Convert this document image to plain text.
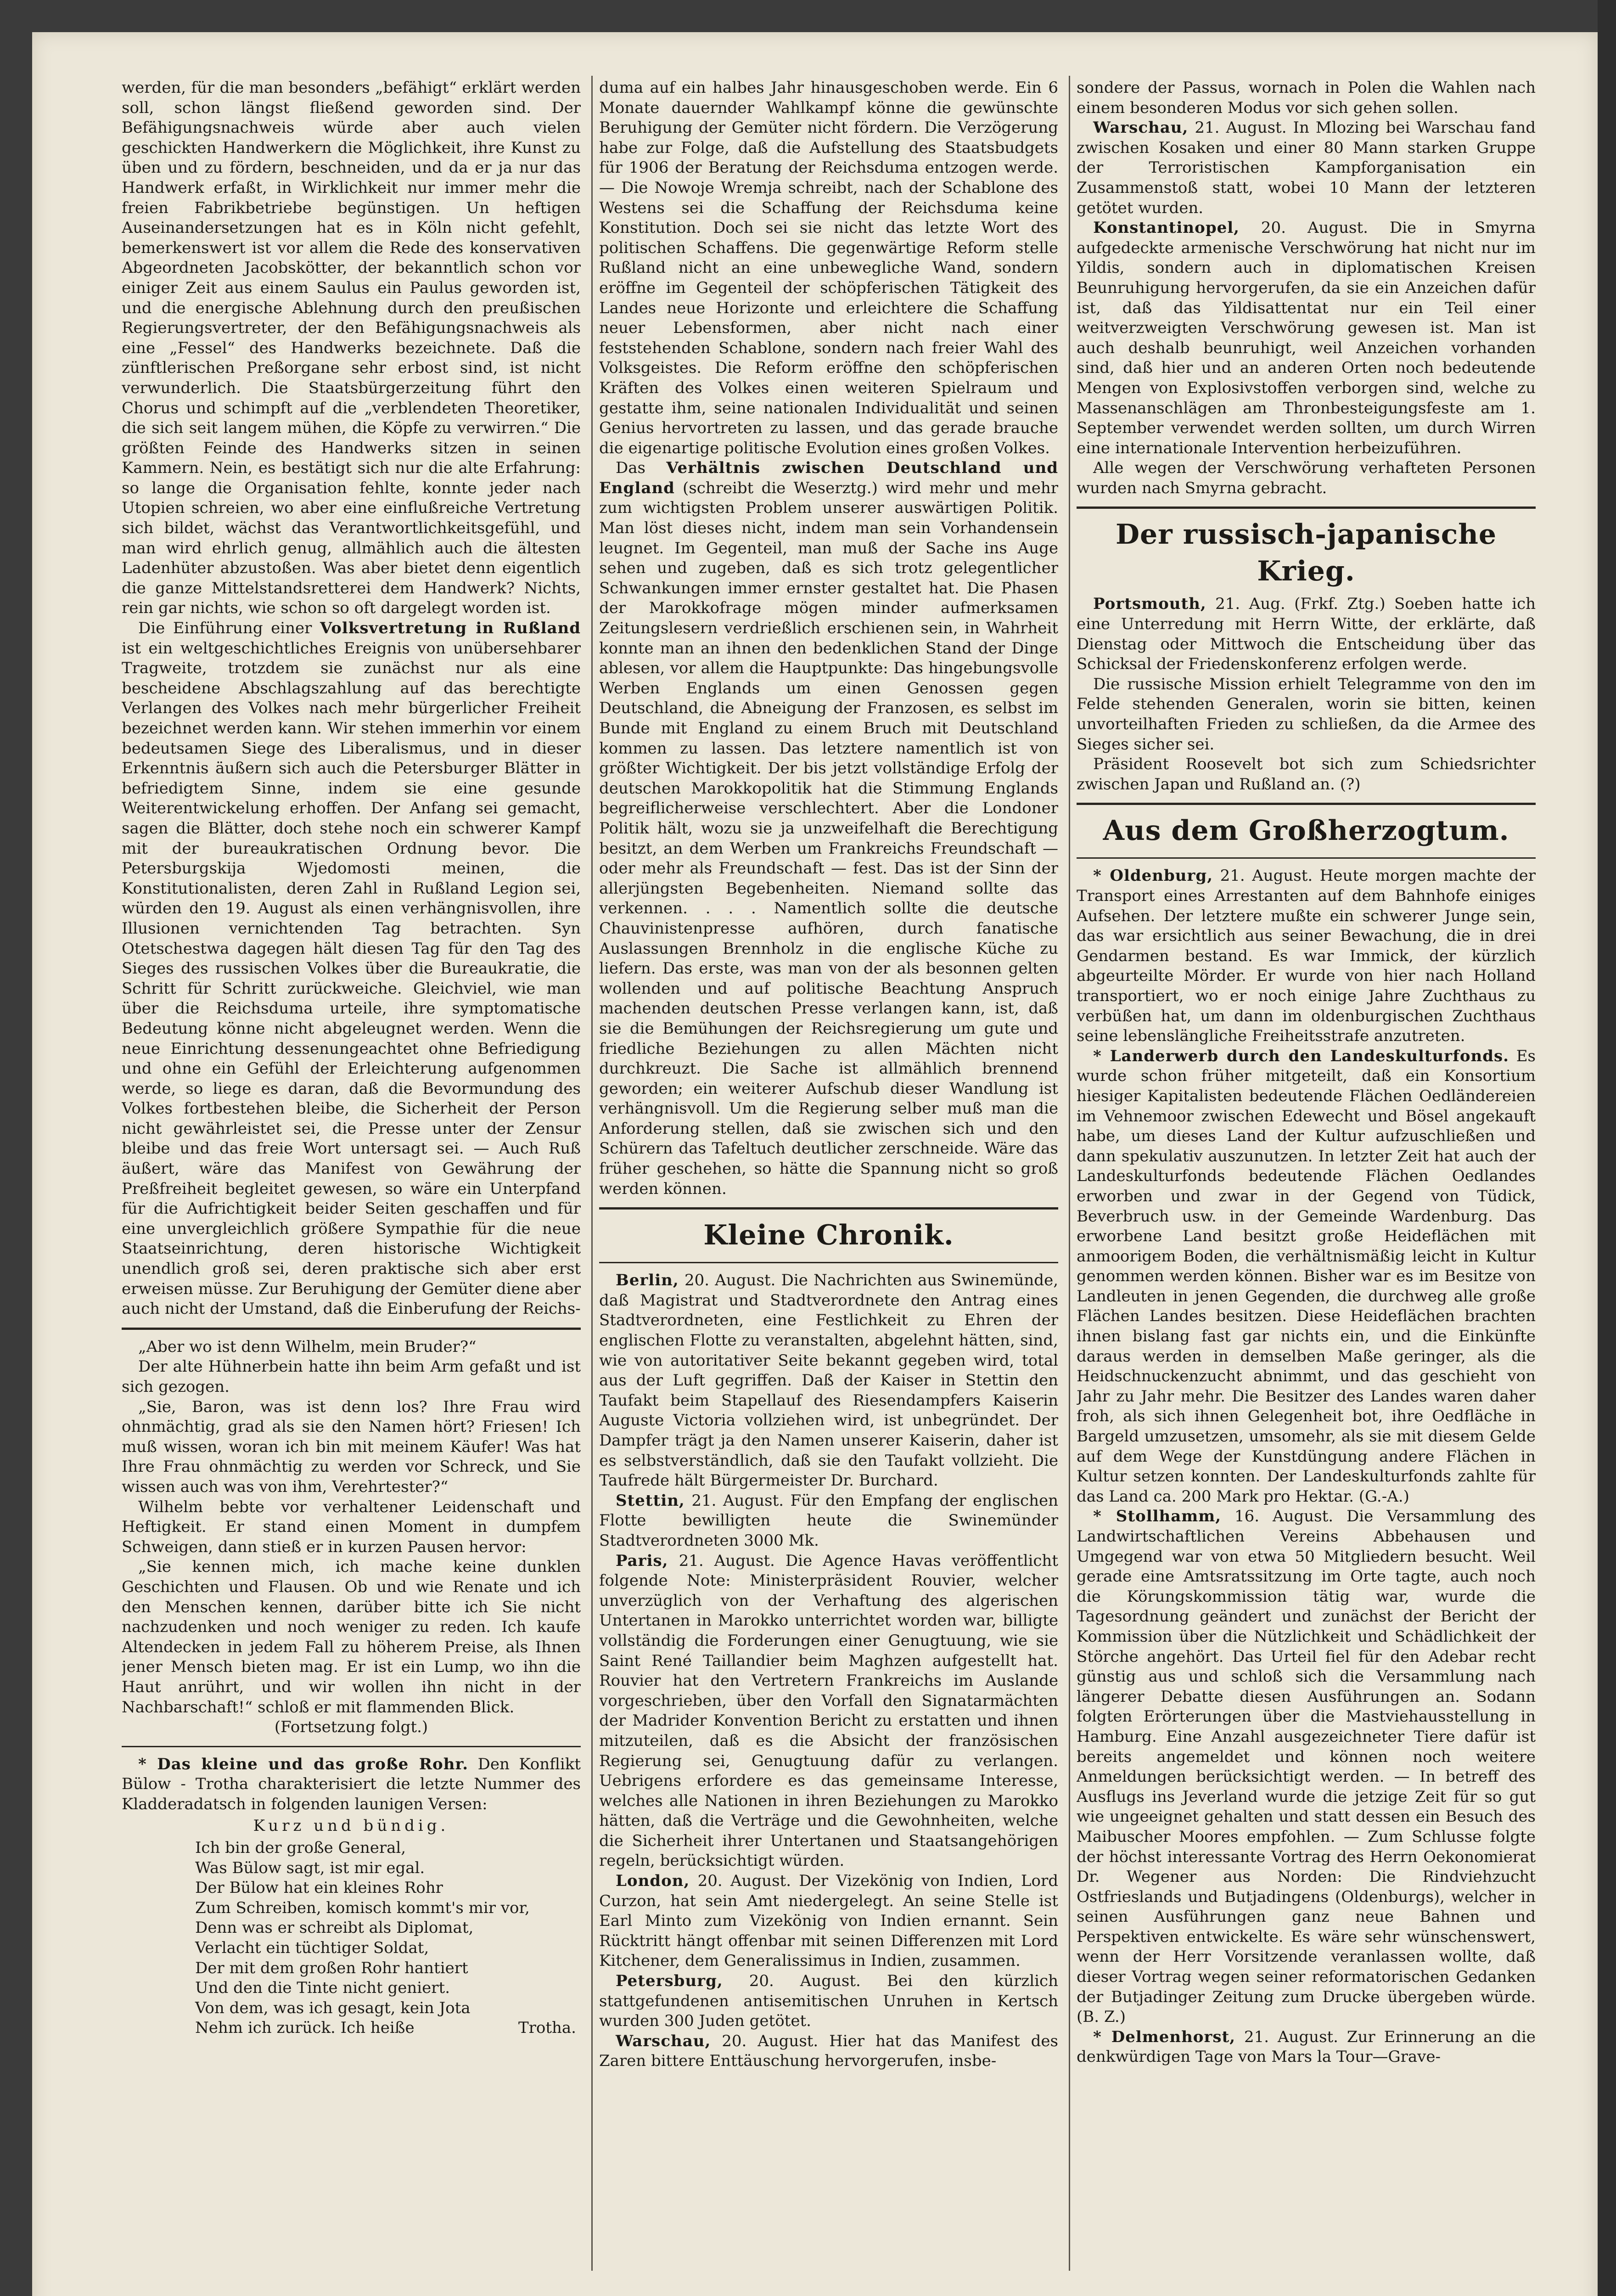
werden, für die man besonders „befähigt“ erklärt werden soll, schon längst fließend geworden sind. Der Befähigungsnachweis würde aber auch vielen geschickten Handwerkern die Möglichkeit, ihre Kunst zu üben und zu fördern, beschneiden, und da er ja nur das Handwerk erfaßt, in Wirklichkeit nur immer mehr die freien Fabrikbetriebe begünstigen. Un heftigen Auseinandersetzungen hat es in Köln nicht gefehlt, bemerkenswert ist vor allem die Rede des konservativen Abgeordneten Jacobskötter, der bekanntlich schon vor einiger Zeit aus einem Saulus ein Paulus geworden ist, und die energische Ablehnung durch den preußischen Regierungsvertreter, der den Befähigungsnachweis als eine „Fessel“ des Handwerks bezeichnete. Daß die zünftlerischen Preßorgane sehr erbost sind, ist nicht verwunderlich. Die Staatsbürgerzeitung führt den Chorus und schimpft auf die „verblendeten Theoretiker, die sich seit langem mühen, die Köpfe zu verwirren.“ Die größten Feinde des Handwerks sitzen in seinen Kammern. Nein, es bestätigt sich nur die alte Erfahrung: so lange die Organisation fehlte, konnte jeder nach Utopien schreien, wo aber eine einflußreiche Vertretung sich bildet, wächst das Verantwortlichkeitsgefühl, und man wird ehrlich genug, allmählich auch die ältesten Ladenhüter abzustoßen. Was aber bietet denn eigentlich die ganze Mittelstandsretterei dem Handwerk? Nichts, rein gar nichts, wie schon so oft dargelegt worden ist.

Die Einführung einer Volksvertretung in Rußland ist ein weltgeschichtliches Ereignis von unübersehbarer Tragweite, trotzdem sie zunächst nur als eine bescheidene Abschlagszahlung auf das berechtigte Verlangen des Volkes nach mehr bürgerlicher Freiheit bezeichnet werden kann. Wir stehen immerhin vor einem bedeutsamen Siege des Liberalismus, und in dieser Erkenntnis äußern sich auch die Petersburger Blätter in befriedigtem Sinne, indem sie eine gesunde Weiterentwickelung erhoffen. Der Anfang sei gemacht, sagen die Blätter, doch stehe noch ein schwerer Kampf mit der bureaukratischen Ordnung bevor. Die Petersburgskija Wjedomosti meinen, die Konstitutionalisten, deren Zahl in Rußland Legion sei, würden den 19. August als einen verhängnisvollen, ihre Illusionen vernichtenden Tag betrachten. Syn Otetschestwa dagegen hält diesen Tag für den Tag des Sieges des russischen Volkes über die Bureaukratie, die Schritt für Schritt zurückweiche. Gleichviel, wie man über die Reichsduma urteile, ihre symptomatische Bedeutung könne nicht abgeleugnet werden. Wenn die neue Einrichtung dessenungeachtet ohne Befriedigung und ohne ein Gefühl der Erleichterung aufgenommen werde, so liege es daran, daß die Bevormundung des Volkes fortbestehen bleibe, die Sicherheit der Person nicht gewährleistet sei, die Presse unter der Zensur bleibe und das freie Wort untersagt sei. — Auch Ruß äußert, wäre das Manifest von Gewährung der Preßfreiheit begleitet gewesen, so wäre ein Unterpfand für die Aufrichtigkeit beider Seiten geschaffen und für eine unvergleichlich größere Sympathie für die neue Staatseinrichtung, deren historische Wichtigkeit unendlich groß sei, deren praktische sich aber erst erweisen müsse. Zur Beruhigung der Gemüter diene aber auch nicht der Umstand, daß die Einberufung der Reichs-

„Aber wo ist denn Wilhelm, mein Bruder?“

Der alte Hühnerbein hatte ihn beim Arm gefaßt und ist sich gezogen.

„Sie, Baron, was ist denn los? Ihre Frau wird ohnmächtig, grad als sie den Namen hört? Friesen! Ich muß wissen, woran ich bin mit meinem Käufer! Was hat Ihre Frau ohnmächtig zu werden vor Schreck, und Sie wissen auch was von ihm, Verehrtester?“

Wilhelm bebte vor verhaltener Leidenschaft und Heftigkeit. Er stand einen Moment in dumpfem Schweigen, dann stieß er in kurzen Pausen hervor:

„Sie kennen mich, ich mache keine dunklen Geschichten und Flausen. Ob und wie Renate und ich den Menschen kennen, darüber bitte ich Sie nicht nachzudenken und noch weniger zu reden. Ich kaufe Altendecken in jedem Fall zu höherem Preise, als Ihnen jener Mensch bieten mag. Er ist ein Lump, wo ihn die Haut anrührt, und wir wollen ihn nicht in der Nachbarschaft!“ schloß er mit flammenden Blick.

(Fortsetzung folgt.)

* Das kleine und das große Rohr. Den Konflikt Bülow - Trotha charakterisiert die letzte Nummer des Kladderadatsch in folgenden launigen Versen:

Kurz und bündig.
Ich bin der große General,
Was Bülow sagt, ist mir egal.
Der Bülow hat ein kleines Rohr
Zum Schreiben, komisch kommt's mir vor,
Denn was er schreibt als Diplomat,
Verlacht ein tüchtiger Soldat,
Der mit dem großen Rohr hantiert
Und den die Tinte nicht geniert.
Von dem, was ich gesagt, kein Jota
Nehm ich zurück. Ich heiße	Trotha.

duma auf ein halbes Jahr hinausgeschoben werde. Ein 6 Monate dauernder Wahlkampf könne die gewünschte Beruhigung der Gemüter nicht fördern. Die Verzögerung habe zur Folge, daß die Aufstellung des Staatsbudgets für 1906 der Beratung der Reichsduma entzogen werde. — Die Nowoje Wremja schreibt, nach der Schablone des Westens sei die Schaffung der Reichsduma keine Konstitution. Doch sei sie nicht das letzte Wort des politischen Schaffens. Die gegenwärtige Reform stelle Rußland nicht an eine unbewegliche Wand, sondern eröffne im Gegenteil der schöpferischen Tätigkeit des Landes neue Horizonte und erleichtere die Schaffung neuer Lebensformen, aber nicht nach einer feststehenden Schablone, sondern nach freier Wahl des Volksgeistes. Die Reform eröffne den schöpferischen Kräften des Volkes einen weiteren Spielraum und gestatte ihm, seine nationalen Individualität und seinen Genius hervortreten zu lassen, und das gerade brauche die eigenartige politische Evolution eines großen Volkes.

Das Verhältnis zwischen Deutschland und England (schreibt die Weserztg.) wird mehr und mehr zum wichtigsten Problem unserer auswärtigen Politik. Man löst dieses nicht, indem man sein Vorhandensein leugnet. Im Gegenteil, man muß der Sache ins Auge sehen und zugeben, daß es sich trotz gelegentlicher Schwankungen immer ernster gestaltet hat. Die Phasen der Marokkofrage mögen minder aufmerksamen Zeitungslesern verdrießlich erschienen sein, in Wahrheit konnte man an ihnen den bedenklichen Stand der Dinge ablesen, vor allem die Hauptpunkte: Das hingebungsvolle Werben Englands um einen Genossen gegen Deutschland, die Abneigung der Franzosen, es selbst im Bunde mit England zu einem Bruch mit Deutschland kommen zu lassen. Das letztere namentlich ist von größter Wichtigkeit. Der bis jetzt vollständige Erfolg der deutschen Marokkopolitik hat die Stimmung Englands begreiflicherweise verschlechtert. Aber die Londoner Politik hält, wozu sie ja unzweifelhaft die Berechtigung besitzt, an dem Werben um Frankreichs Freundschaft — oder mehr als Freundschaft — fest. Das ist der Sinn der allerjüngsten Begebenheiten. Niemand sollte das verkennen. . . . Namentlich sollte die deutsche Chauvinistenpresse aufhören, durch fanatische Auslassungen Brennholz in die englische Küche zu liefern. Das erste, was man von der als besonnen gelten wollenden und auf politische Beachtung Anspruch machenden deutschen Presse verlangen kann, ist, daß sie die Bemühungen der Reichsregierung um gute und friedliche Beziehungen zu allen Mächten nicht durchkreuzt. Die Sache ist allmählich brennend geworden; ein weiterer Aufschub dieser Wandlung ist verhängnisvoll. Um die Regierung selber muß man die Anforderung stellen, daß sie zwischen sich und den Schürern das Tafeltuch deutlicher zerschneide. Wäre das früher geschehen, so hätte die Spannung nicht so groß werden können.

Kleine Chronik.

Berlin, 20. August. Die Nachrichten aus Swinemünde, daß Magistrat und Stadtverordnete den Antrag eines Stadtverordneten, eine Festlichkeit zu Ehren der englischen Flotte zu veranstalten, abgelehnt hätten, sind, wie von autoritativer Seite bekannt gegeben wird, total aus der Luft gegriffen. Daß der Kaiser in Stettin den Taufakt beim Stapellauf des Riesendampfers Kaiserin Auguste Victoria vollziehen wird, ist unbegründet. Der Dampfer trägt ja den Namen unserer Kaiserin, daher ist es selbstverständlich, daß sie den Taufakt vollzieht. Die Taufrede hält Bürgermeister Dr. Burchard.

Stettin, 21. August. Für den Empfang der englischen Flotte bewilligten heute die Swinemünder Stadtverordneten 3000 Mk.

Paris, 21. August. Die Agence Havas veröffentlicht folgende Note: Ministerpräsident Rouvier, welcher unverzüglich von der Verhaftung des algerischen Untertanen in Marokko unterrichtet worden war, billigte vollständig die Forderungen einer Genugtuung, wie sie Saint René Taillandier beim Maghzen aufgestellt hat. Rouvier hat den Vertretern Frankreichs im Auslande vorgeschrieben, über den Vorfall den Signatarmächten der Madrider Konvention Bericht zu erstatten und ihnen mitzuteilen, daß es die Absicht der französischen Regierung sei, Genugtuung dafür zu verlangen. Uebrigens erfordere es das gemeinsame Interesse, welches alle Nationen in ihren Beziehungen zu Marokko hätten, daß die Verträge und die Gewohnheiten, welche die Sicherheit ihrer Untertanen und Staatsangehörigen regeln, berücksichtigt würden.

London, 20. August. Der Vizekönig von Indien, Lord Curzon, hat sein Amt niedergelegt. An seine Stelle ist Earl Minto zum Vizekönig von Indien ernannt. Sein Rücktritt hängt offenbar mit seinen Differenzen mit Lord Kitchener, dem Generalissimus in Indien, zusammen.

Petersburg, 20. August. Bei den kürzlich stattgefundenen antisemitischen Unruhen in Kertsch wurden 300 Juden getötet.

Warschau, 20. August. Hier hat das Manifest des Zaren bittere Enttäuschung hervorgerufen, insbe-

sondere der Passus, wornach in Polen die Wahlen nach einem besonderen Modus vor sich gehen sollen.

Warschau, 21. August. In Mlozing bei Warschau fand zwischen Kosaken und einer 80 Mann starken Gruppe der Terroristischen Kampforganisation ein Zusammenstoß statt, wobei 10 Mann der letzteren getötet wurden.

Konstantinopel, 20. August. Die in Smyrna aufgedeckte armenische Verschwörung hat nicht nur im Yildis, sondern auch in diplomatischen Kreisen Beunruhigung hervorgerufen, da sie ein Anzeichen dafür ist, daß das Yildisattentat nur ein Teil einer weitverzweigten Verschwörung gewesen ist. Man ist auch deshalb beunruhigt, weil Anzeichen vorhanden sind, daß hier und an anderen Orten noch bedeutende Mengen von Explosivstoffen verborgen sind, welche zu Massenanschlägen am Thronbesteigungsfeste am 1. September verwendet werden sollten, um durch Wirren eine internationale Intervention herbeizuführen.

Alle wegen der Verschwörung verhafteten Personen wurden nach Smyrna gebracht.

Der russisch-japanische Krieg.

Portsmouth, 21. Aug. (Frkf. Ztg.) Soeben hatte ich eine Unterredung mit Herrn Witte, der erklärte, daß Dienstag oder Mittwoch die Entscheidung über das Schicksal der Friedenskonferenz erfolgen werde.

Die russische Mission erhielt Telegramme von den im Felde stehenden Generalen, worin sie bitten, keinen unvorteilhaften Frieden zu schließen, da die Armee des Sieges sicher sei.

Präsident Roosevelt bot sich zum Schiedsrichter zwischen Japan und Rußland an. (?)

Aus dem Großherzogtum.

* Oldenburg, 21. August. Heute morgen machte der Transport eines Arrestanten auf dem Bahnhofe einiges Aufsehen. Der letztere mußte ein schwerer Junge sein, das war ersichtlich aus seiner Bewachung, die in drei Gendarmen bestand. Es war Immick, der kürzlich abgeurteilte Mörder. Er wurde von hier nach Holland transportiert, wo er noch einige Jahre Zuchthaus zu verbüßen hat, um dann im oldenburgischen Zuchthaus seine lebenslängliche Freiheitsstrafe anzutreten.

* Landerwerb durch den Landeskulturfonds. Es wurde schon früher mitgeteilt, daß ein Konsortium hiesiger Kapitalisten bedeutende Flächen Oedländereien im Vehnemoor zwischen Edewecht und Bösel angekauft habe, um dieses Land der Kultur aufzuschließen und dann spekulativ auszunutzen. In letzter Zeit hat auch der Landeskulturfonds bedeutende Flächen Oedlandes erworben und zwar in der Gegend von Tüdick, Beverbruch usw. in der Gemeinde Wardenburg. Das erworbene Land besitzt große Heideflächen mit anmoorigem Boden, die verhältnismäßig leicht in Kultur genommen werden können. Bisher war es im Besitze von Landleuten in jenen Gegenden, die durchweg alle große Flächen Landes besitzen. Diese Heideflächen brachten ihnen bislang fast gar nichts ein, und die Einkünfte daraus werden in demselben Maße geringer, als die Heidschnuckenzucht abnimmt, und das geschieht von Jahr zu Jahr mehr. Die Besitzer des Landes waren daher froh, als sich ihnen Gelegenheit bot, ihre Oedfläche in Bargeld umzusetzen, umsomehr, als sie mit diesem Gelde auf dem Wege der Kunstdüngung andere Flächen in Kultur setzen konnten. Der Landeskulturfonds zahlte für das Land ca. 200 Mark pro Hektar. (G.-A.)

* Stollhamm, 16. August. Die Versammlung des Landwirtschaftlichen Vereins Abbehausen und Umgegend war von etwa 50 Mitgliedern besucht. Weil gerade eine Amtsratssitzung im Orte tagte, auch noch die Körungskommission tätig war, wurde die Tagesordnung geändert und zunächst der Bericht der Kommission über die Nützlichkeit und Schädlichkeit der Störche angehört. Das Urteil fiel für den Adebar recht günstig aus und schloß sich die Versammlung nach längerer Debatte diesen Ausführungen an. Sodann folgten Erörterungen über die Mastviehausstellung in Hamburg. Eine Anzahl ausgezeichneter Tiere dafür ist bereits angemeldet und können noch weitere Anmeldungen berücksichtigt werden. — In betreff des Ausflugs ins Jeverland wurde die jetzige Zeit für so gut wie ungeeignet gehalten und statt dessen ein Besuch des Maibuscher Moores empfohlen. — Zum Schlusse folgte der höchst interessante Vortrag des Herrn Oekonomierat Dr. Wegener aus Norden: Die Rindviehzucht Ostfrieslands und Butjadingens (Oldenburgs), welcher in seinen Ausführungen ganz neue Bahnen und Perspektiven entwickelte. Es wäre sehr wünschenswert, wenn der Herr Vorsitzende veranlassen wollte, daß dieser Vortrag wegen seiner reformatorischen Gedanken der Butjadinger Zeitung zum Drucke übergeben würde. (B. Z.)

* Delmenhorst, 21. August. Zur Erinnerung an die denkwürdigen Tage von Mars la Tour—Grave-
